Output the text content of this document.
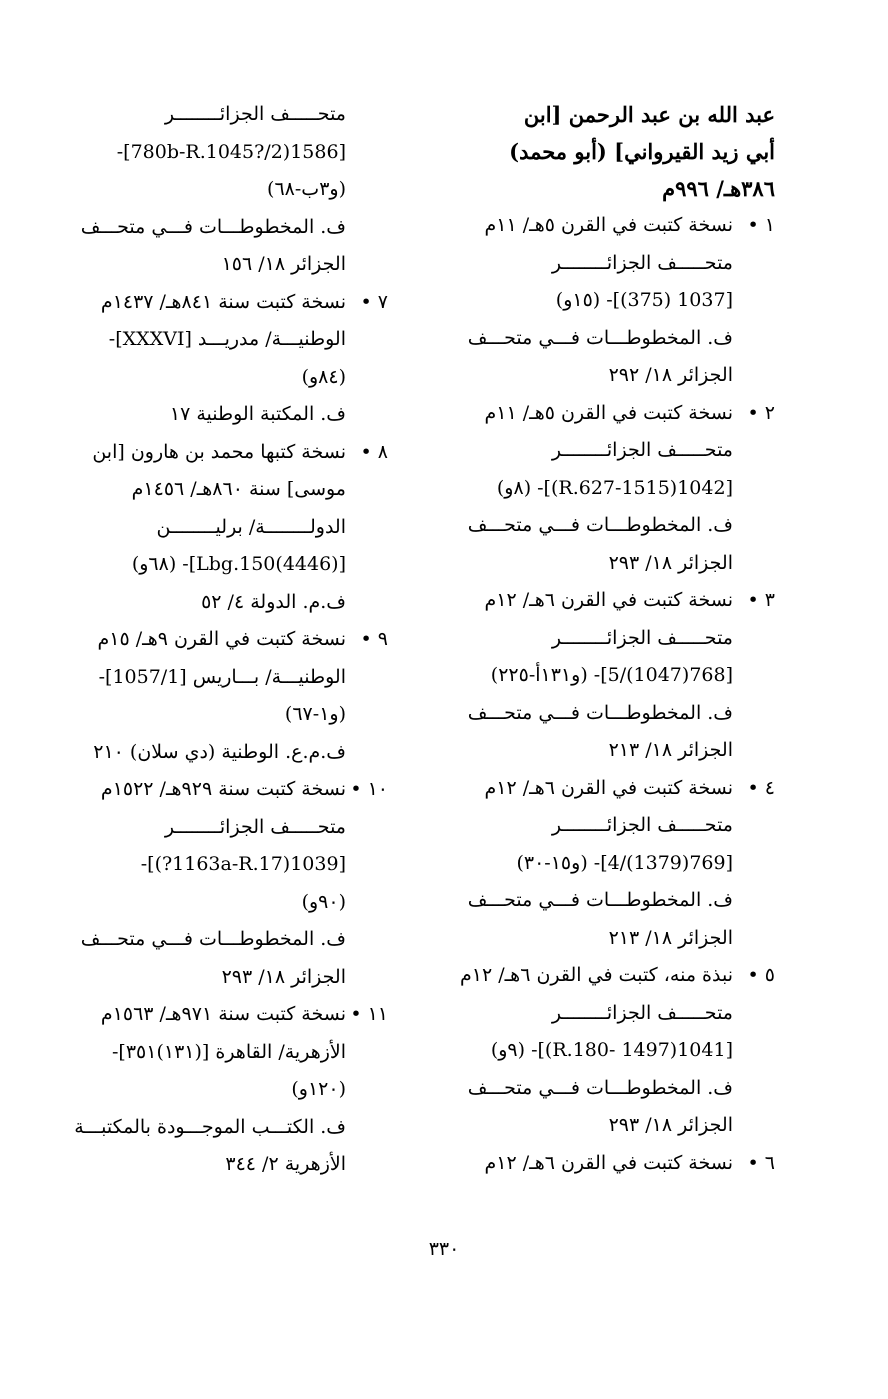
عبد الله بن عبد الرحمن [ابن
أبي زيد القيرواني] (أبو محمد)
٣٨٦هـ/ ٩٩٦م
١ •نسخة كتبت في القرن ٥هـ/ ١١م
متحـــــف الجزائــــــــر
[1037 (375)]- (١٥و)
ف. المخطوطـــات فـــي متحـــف
الجزائر ١٨/ ٢٩٢
٢ •نسخة كتبت في القرن ٥هـ/ ١١م
متحـــــف الجزائــــــــر
[1042(1515-R.627)]- (٨و)
ف. المخطوطـــات فـــي متحـــف
الجزائر ١٨/ ٢٩٣
٣ •نسخة كتبت في القرن ٦هـ/ ١٢م
متحـــــف الجزائــــــــر
[768(1047)/5]- (و١٣١أ-٢٢٥)
ف. المخطوطـــات فـــي متحـــف
الجزائر ١٨/ ٢١٣
٤ •نسخة كتبت في القرن ٦هـ/ ١٢م
متحـــــف الجزائــــــــر
[769(1379)/4]- (و١٥-٣٠)
ف. المخطوطـــات فـــي متحـــف
الجزائر ١٨/ ٢١٣
٥ •نبذة منه، كتبت في القرن ٦هـ/ ١٢م
متحـــــف الجزائــــــــر
[1041(1497 -R.180)]- (٩و)
ف. المخطوطـــات فـــي متحـــف
الجزائر ١٨/ ٢٩٣
٦ •نسخة كتبت في القرن ٦هـ/ ١٢م
متحـــــف الجزائــــــــر
[1586(780b-R.1045?/2]-
(و٣ب-٦٨)
ف. المخطوطـــات فـــي متحـــف
الجزائر ١٨/ ١٥٦
٧ •نسخة كتبت سنة ٨٤١هـ/ ١٤٣٧م
الوطنيـــة/ مدريـــد [XXXVI]-
(٨٤و)
ف. المكتبة الوطنية ١٧
٨ •نسخة كتبها محمد بن هارون [ابن
موسى] سنة ٨٦٠هـ/ ١٤٥٦م
الدولــــــــة/ برليــــــــن
[(4446)Lbg.150]- (٦٨و)
ف.م. الدولة ٤/ ٥٢
٩ •نسخة كتبت في القرن ٩هـ/ ١٥م
الوطنيـــة/ بـــاريس [1057/1]-
(و١-٦٧)
ف.م.ع. الوطنية (دي سلان) ٢١٠
١٠ •نسخة كتبت سنة ٩٢٩هـ/ ١٥٢٢م
متحـــــف الجزائــــــــر
[1039(1163a-R.17?)]-
(٩٠و)
ف. المخطوطـــات فـــي متحـــف
الجزائر ١٨/ ٢٩٣
١١ •نسخة كتبت سنة ٩٧١هـ/ ١٥٦٣م
الأزهرية/ القاهرة [(١٣١)٣٥١]-
(١٢٠و)
ف. الكتـــب الموجـــودة بالمكتبـــة
الأزهرية ٢/ ٣٤٤
٣٣٠
